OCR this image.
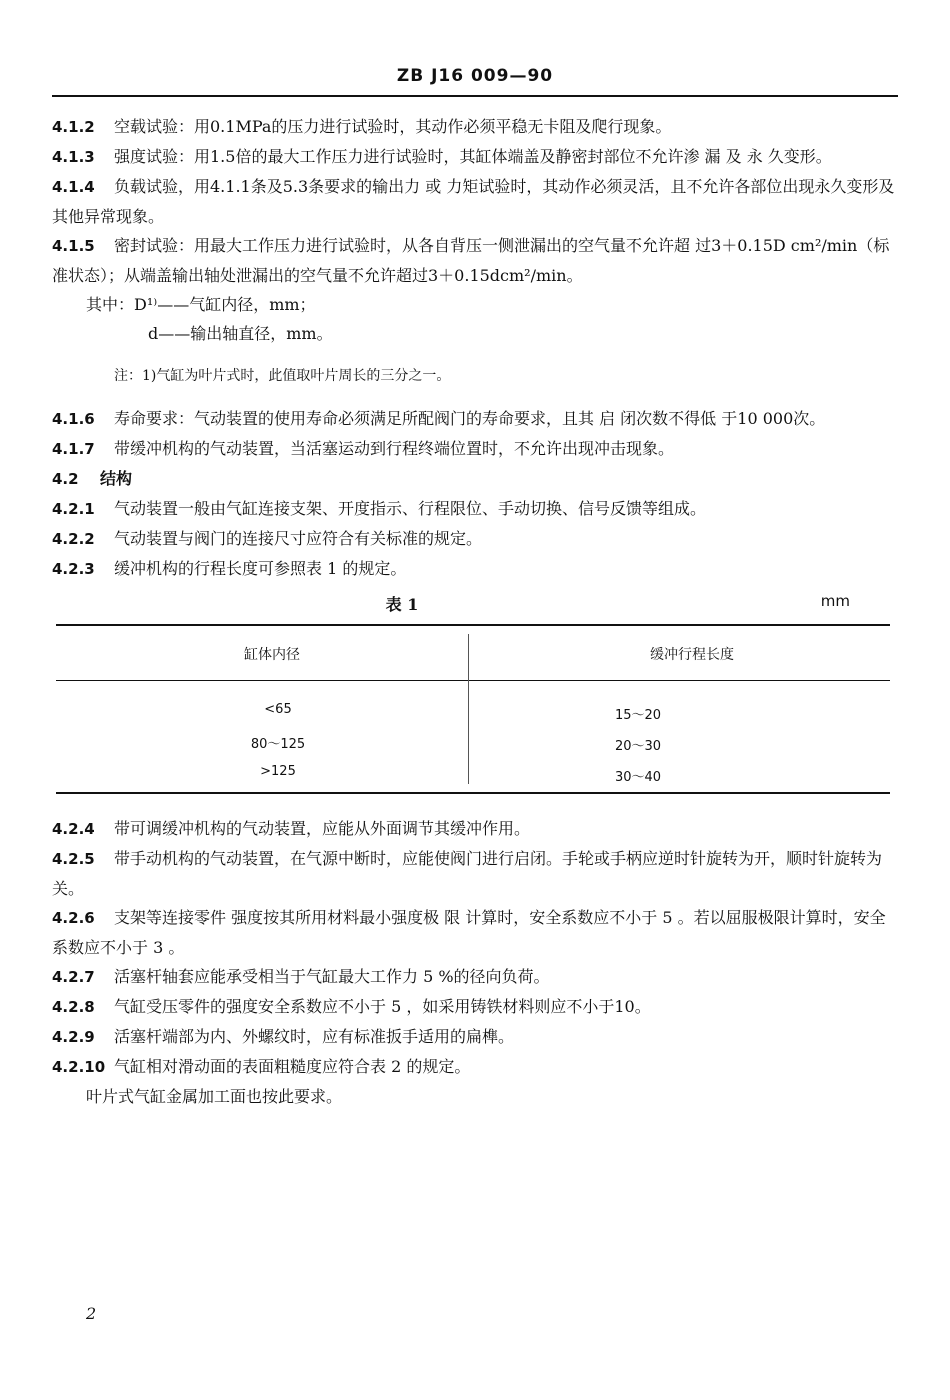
ZB J16 009—90

4.1.2 空载试验：用0.1MPa的压力进行试验时，其动作必须平稳无卡阻及爬行现象。

4.1.3 强度试验：用1.5倍的最大工作压力进行试验时，其缸体端盖及静密封部位不允许渗 漏 及 永 久变形。

4.1.4 负载试验，用4.1.1条及5.3条要求的输出力 或 力矩试验时，其动作必须灵活，且不允许各部位出现永久变形及其他异常现象。

4.1.5 密封试验：用最大工作压力进行试验时，从各自背压一侧泄漏出的空气量不允许超 过3＋0.15D cm²/min（标准状态）；从端盖输出轴处泄漏出的空气量不允许超过3＋0.15dcm²/min。

其中：D¹⁾——气缸内径，mm；

d——输出轴直径，mm。

注：1)气缸为叶片式时，此值取叶片周长的三分之一。

4.1.6 寿命要求：气动装置的使用寿命必须满足所配阀门的寿命要求，且其 启 闭次数不得低 于10 000次。

4.1.7 带缓冲机构的气动装置，当活塞运动到行程终端位置时，不允许出现冲击现象。

4.2 结构

4.2.1 气动装置一般由气缸连接支架、开度指示、行程限位、手动切换、信号反馈等组成。

4.2.2 气动装置与阀门的连接尺寸应符合有关标准的规定。

4.2.3 缓冲机构的行程长度可参照表 1 的规定。

表 1	mm
缸体内径	缓冲行程长度
<65	15～20
80～125	20～30
>125	30～40

4.2.4 带可调缓冲机构的气动装置，应能从外面调节其缓冲作用。

4.2.5 带手动机构的气动装置，在气源中断时，应能使阀门进行启闭。手轮或手柄应逆时针旋转为开，顺时针旋转为关。

4.2.6 支架等连接零件 强度按其所用材料最小强度极 限 计算时，安全系数应不小于 5 。若以屈服极限计算时，安全系数应不小于 3 。

4.2.7 活塞杆轴套应能承受相当于气缸最大工作力 5 %的径向负荷。

4.2.8 气缸受压零件的强度安全系数应不小于 5 ，如采用铸铁材料则应不小于10。

4.2.9 活塞杆端部为内、外螺纹时，应有标准扳手适用的扁榫。

4.2.10 气缸相对滑动面的表面粗糙度应符合表 2 的规定。

叶片式气缸金属加工面也按此要求。

2
